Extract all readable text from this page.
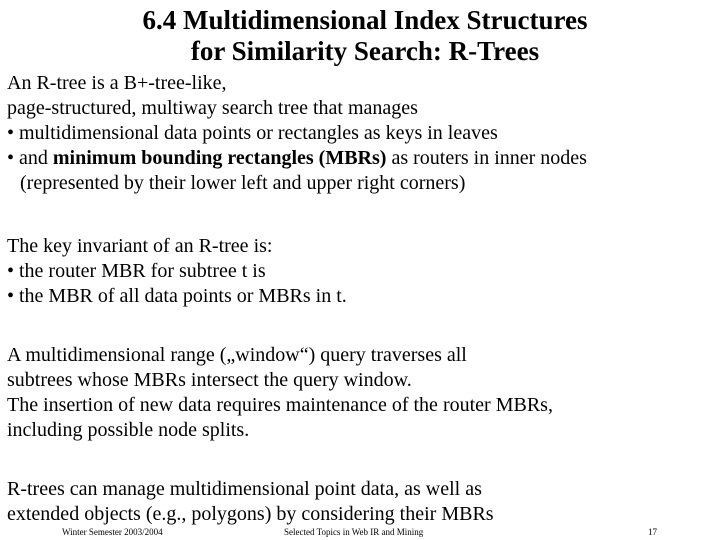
6.4 Multidimensional Index Structures
for Similarity Search: R-Trees
An R-tree is a B+-tree-like,
page-structured, multiway search tree that manages
• multidimensional data points or rectangles as keys in leaves
• and minimum bounding rectangles (MBRs) as routers in inner nodes
(represented by their lower left and upper right corners)
The key invariant of an R-tree is:
• the router MBR for subtree t is
• the MBR of all data points or MBRs in t.
A multidimensional range („window“) query traverses all
subtrees whose MBRs intersect the query window.
The insertion of new data requires maintenance of the router MBRs,
including possible node splits.
R-trees can manage multidimensional point data, as well as
extended objects (e.g., polygons) by considering their MBRs
Winter Semester 2003/2004	Selected Topics in Web IR and Mining	17
